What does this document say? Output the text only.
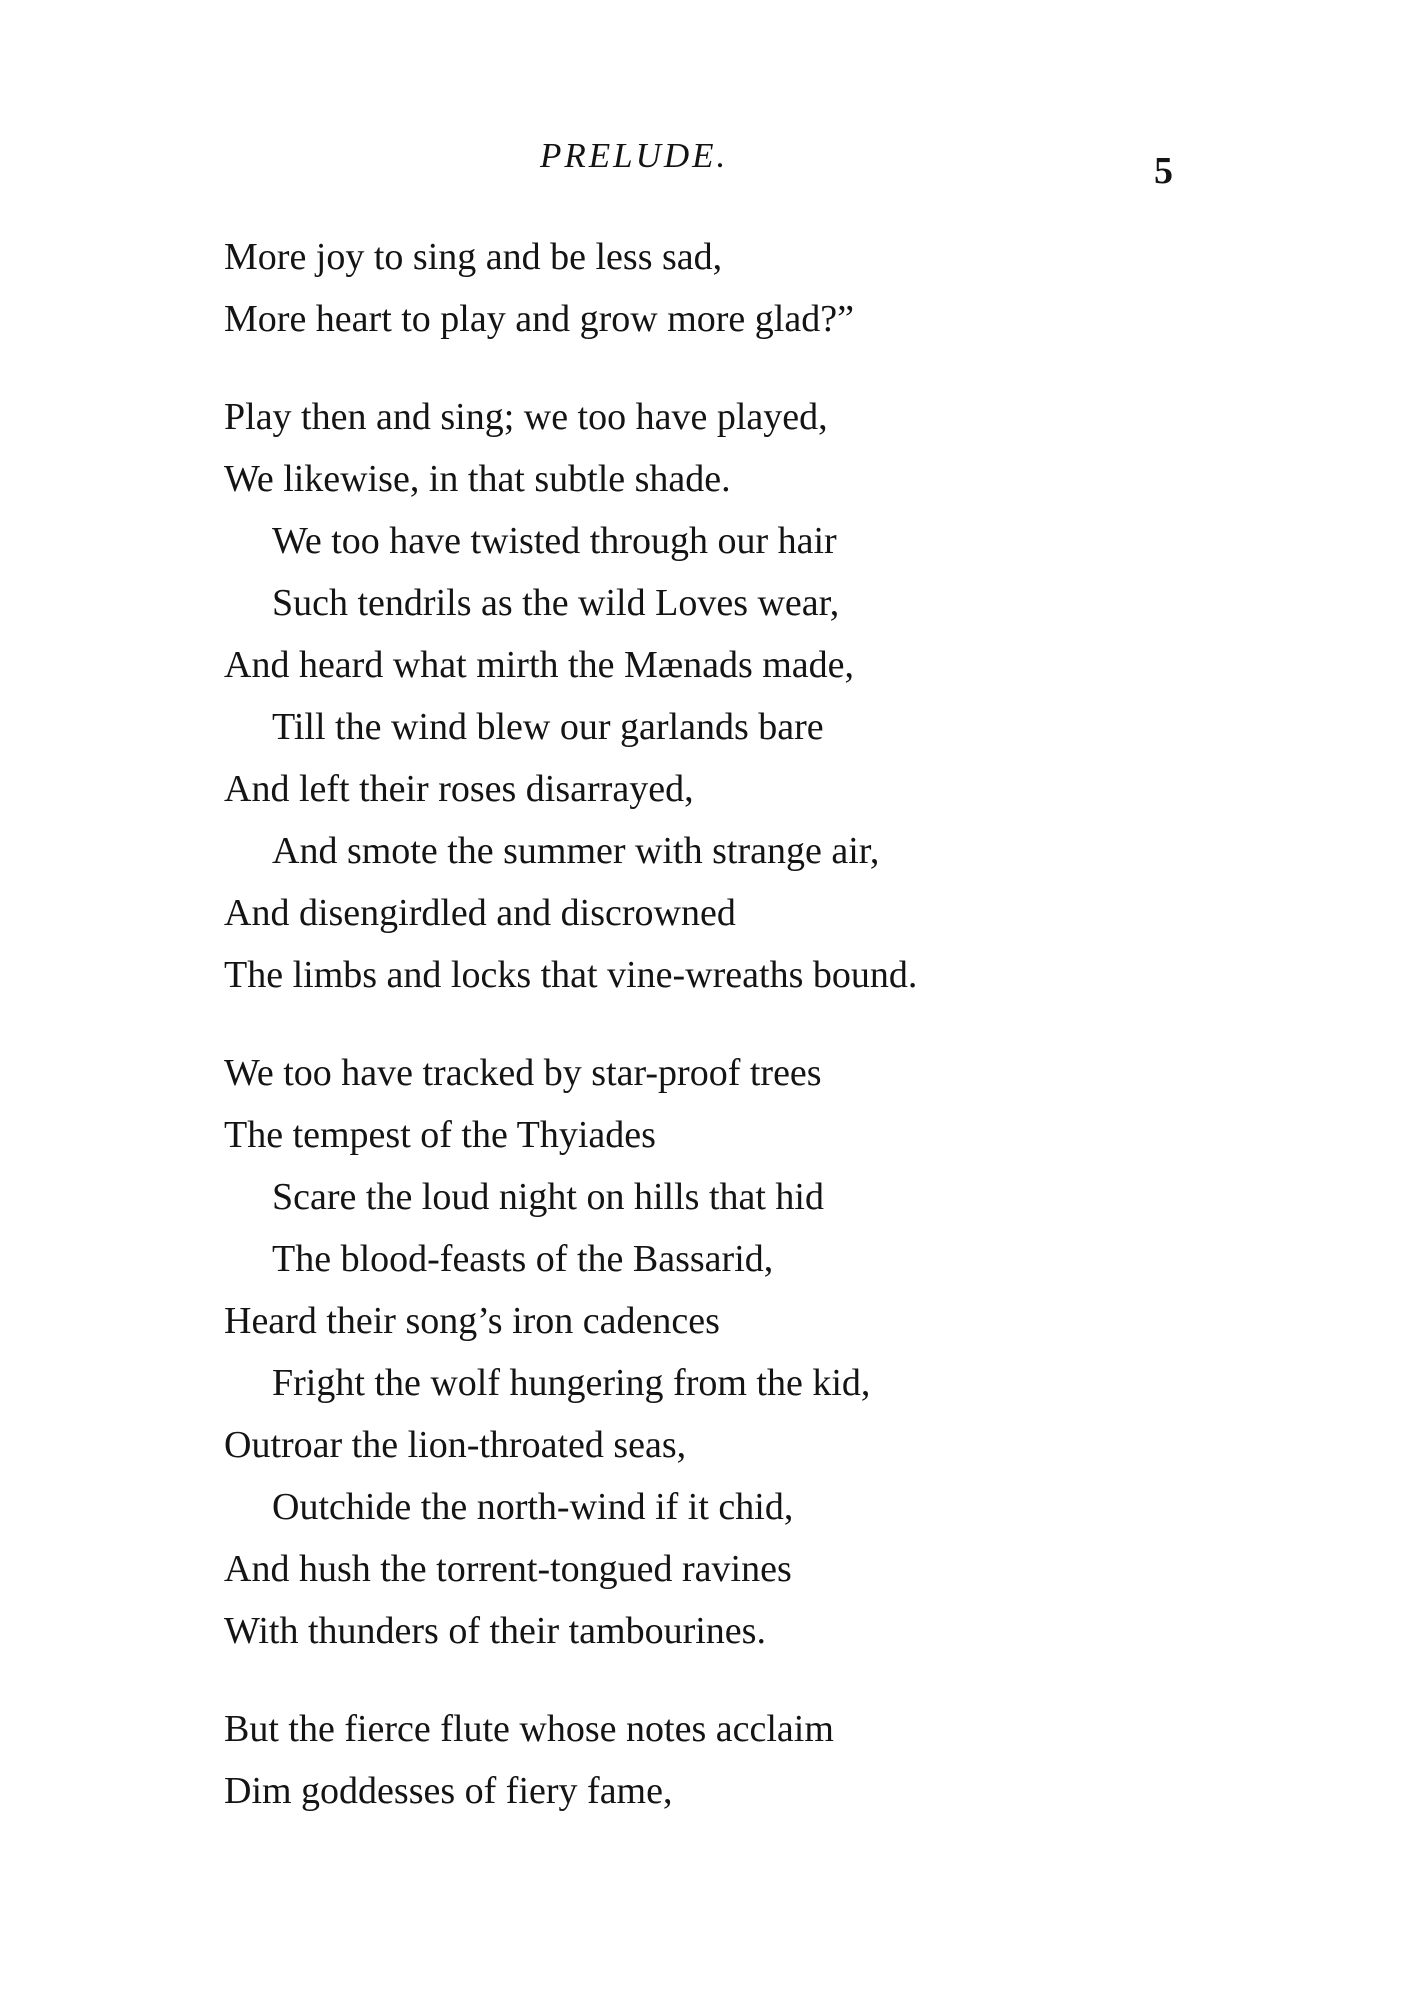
PRELUDE.	5
More joy to sing and be less sad,
More heart to play and grow more glad?”
Play then and sing; we too have played,
We likewise, in that subtle shade.
We too have twisted through our hair
Such tendrils as the wild Loves wear,
And heard what mirth the Mænads made,
Till the wind blew our garlands bare
And left their roses disarrayed,
And smote the summer with strange air,
And disengirdled and discrowned
The limbs and locks that vine-wreaths bound.
We too have tracked by star-proof trees
The tempest of the Thyiades
Scare the loud night on hills that hid
The blood-feasts of the Bassarid,
Heard their song’s iron cadences
Fright the wolf hungering from the kid,
Outroar the lion-throated seas,
Outchide the north-wind if it chid,
And hush the torrent-tongued ravines
With thunders of their tambourines.
But the fierce flute whose notes acclaim
Dim goddesses of fiery fame,
